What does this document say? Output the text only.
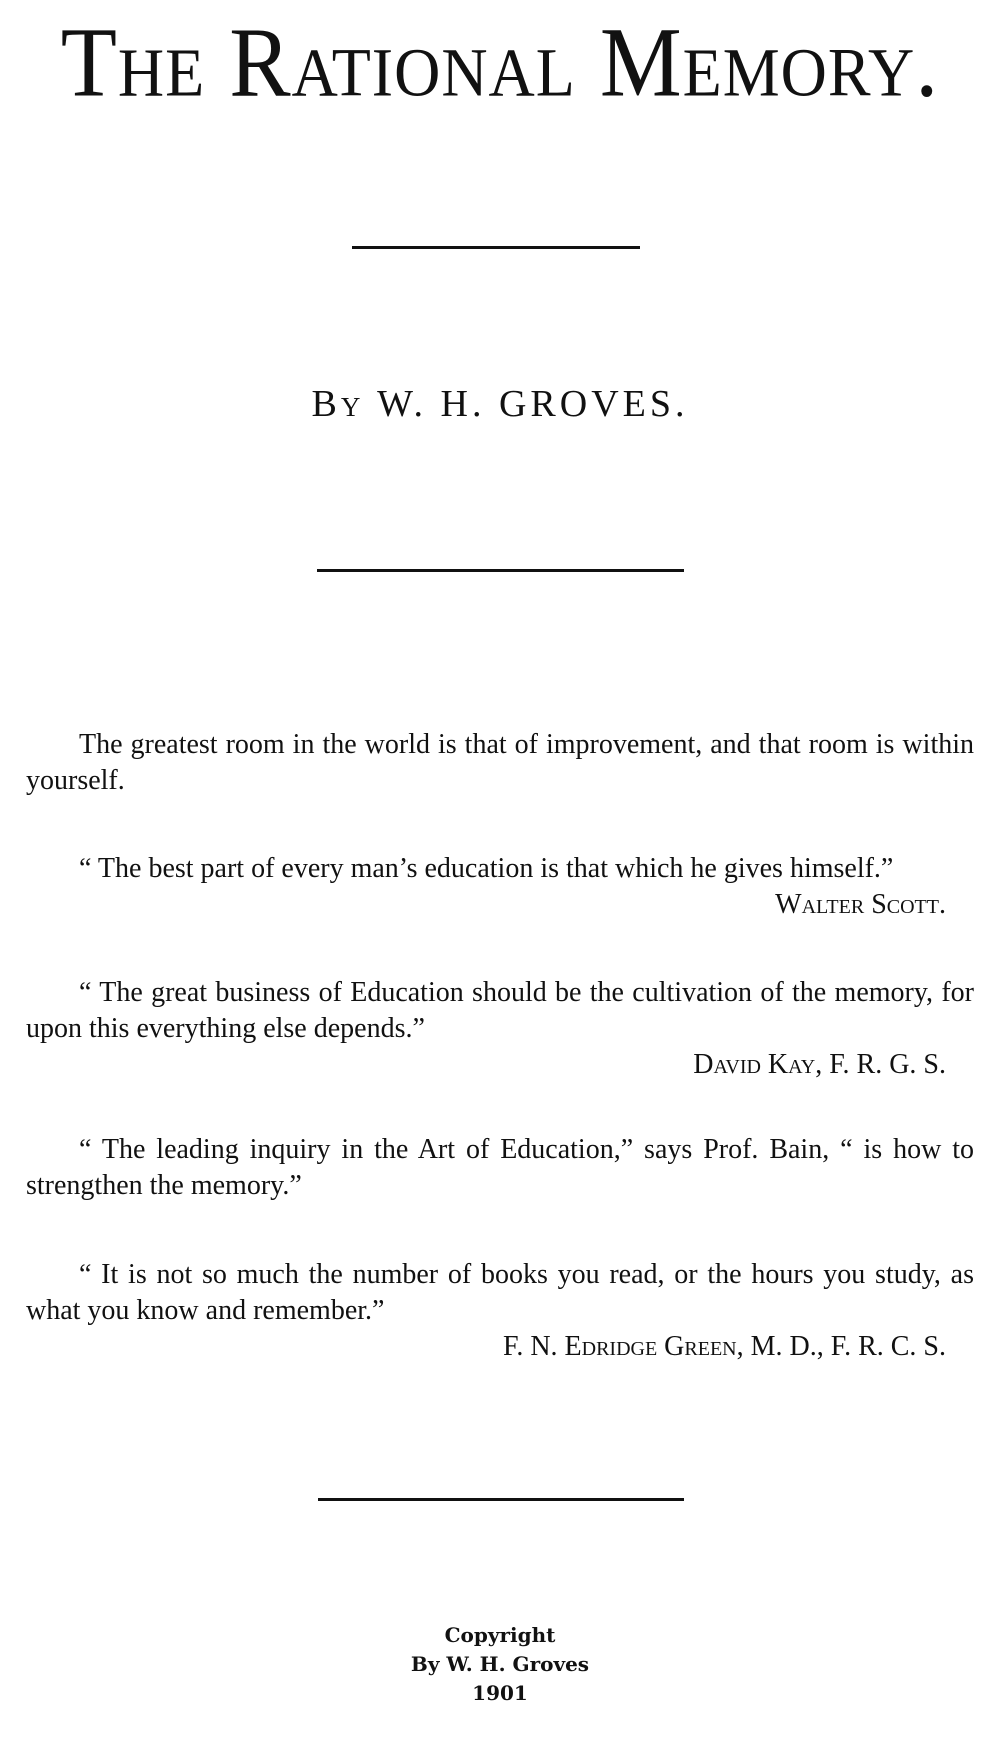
The Rational Memory.
By W. H. GROVES.

The greatest room in the world is that of improvement, and that room is within yourself.

“ The best part of every man’s education is that which he gives himself.”
Walter Scott.

“ The great business of Education should be the cultivation of the memory, for upon this everything else depends.”

David Kay, F. R. G. S.

“ The leading inquiry in the Art of Education,” says Prof. Bain, “ is how to strengthen the memory.”

“ It is not so much the number of books you read, or the hours you study, as what you know and remember.”

F. N. Edridge Green, M. D., F. R. C. S.

Copyright
By W. H. Groves
1901
